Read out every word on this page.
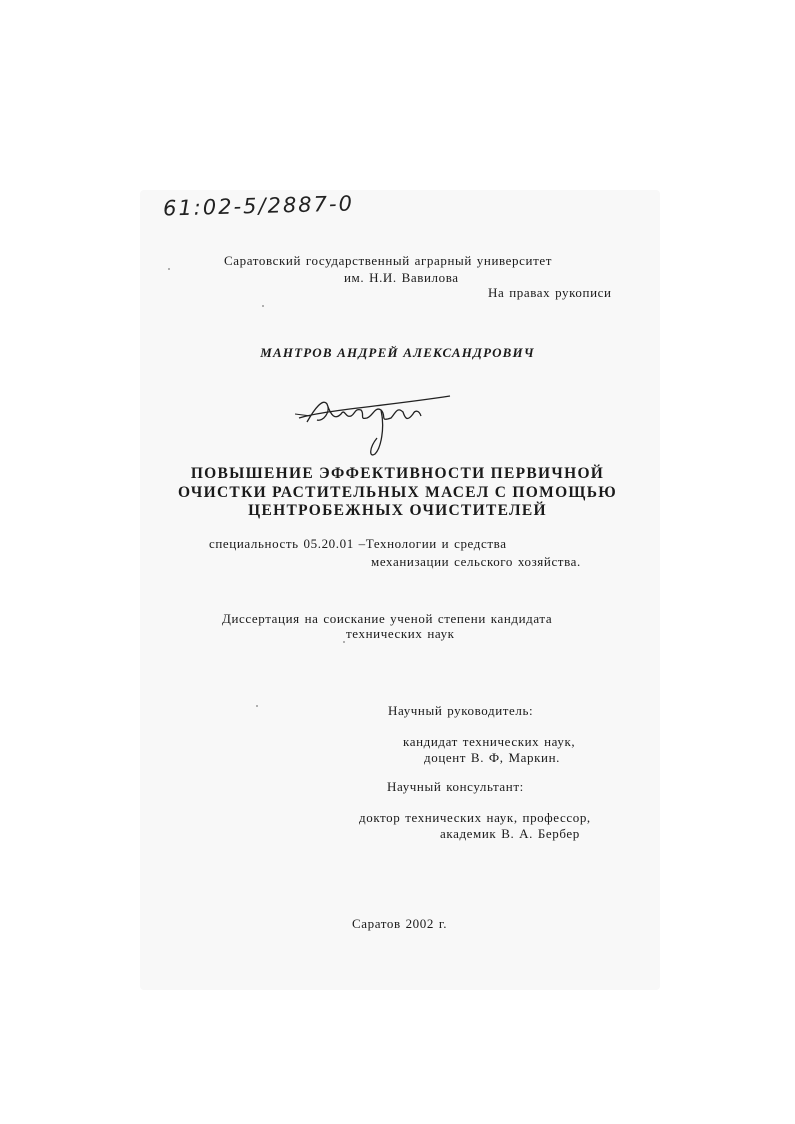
61:02-5/2887-0
Саратовский государственный аграрный университет
им. Н.И. Вавилова
На правах рукописи
МАНТРОВ АНДРЕЙ АЛЕКСАНДРОВИЧ
ПОВЫШЕНИЕ ЭФФЕКТИВНОСТИ ПЕРВИЧНОЙ
ОЧИСТКИ РАСТИТЕЛЬНЫХ МАСЕЛ С ПОМОЩЬЮ
ЦЕНТРОБЕЖНЫХ ОЧИСТИТЕЛЕЙ
специальность 05.20.01 –Технологии и средства
механизации сельского хозяйства.
Диссертация на соискание ученой степени кандидата
технических наук
Научный руководитель:
кандидат технических наук,
доцент В. Ф, Маркин.
Научный консультант:
доктор технических наук, профессор,
академик В. А. Бербер
Саратов 2002 г.
